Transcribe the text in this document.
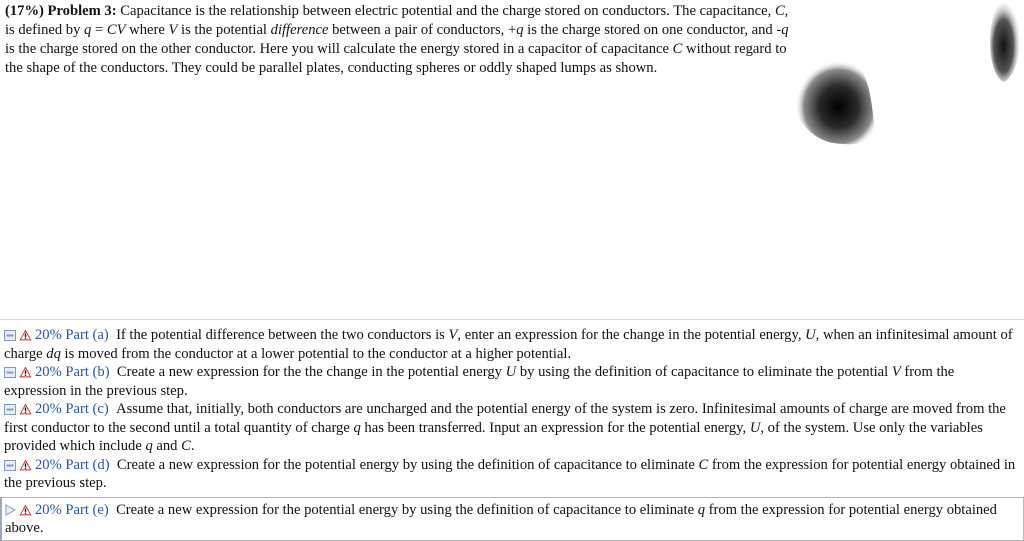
(17%) Problem 3: Capacitance is the relationship between electric potential and the charge stored on conductors. The capacitance, C, is defined by q = CV where V is the potential difference between a pair of conductors, +q is the charge stored on one conductor, and -q is the charge stored on the other conductor. Here you will calculate the energy stored in a capacitor of capacitance C without regard to the shape of the conductors. They could be parallel plates, conducting spheres or oddly shaped lumps as shown.
20% Part (a) If the potential difference between the two conductors is V, enter an expression for the change in the potential energy, U, when an infinitesimal amount of charge dq is moved from the conductor at a lower potential to the conductor at a higher potential.
20% Part (b) Create a new expression for the the change in the potential energy U by using the definition of capacitance to eliminate the potential V from the expression in the previous step.
20% Part (c) Assume that, initially, both conductors are uncharged and the potential energy of the system is zero. Infinitesimal amounts of charge are moved from the first conductor to the second until a total quantity of charge q has been transferred. Input an expression for the potential energy, U, of the system. Use only the variables provided which include q and C.
20% Part (d) Create a new expression for the potential energy by using the definition of capacitance to eliminate C from the expression for potential energy obtained in the previous step.
20% Part (e) Create a new expression for the potential energy by using the definition of capacitance to eliminate q from the expression for potential energy obtained above.
